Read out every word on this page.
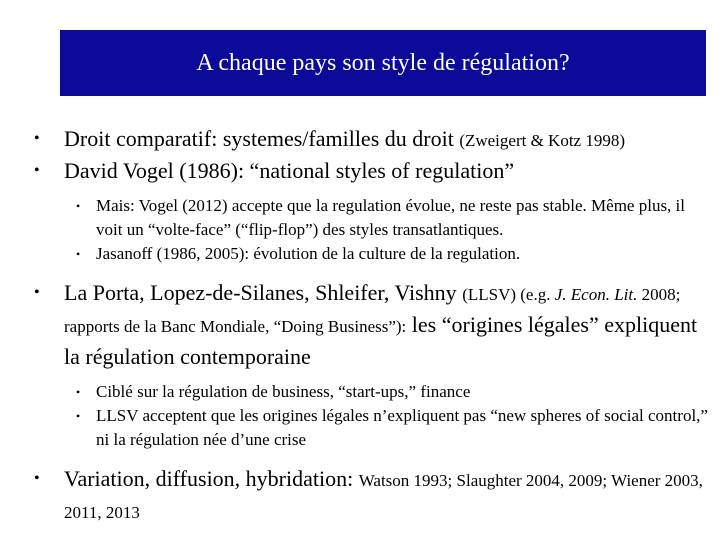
A chaque pays son style de régulation?
• Droit comparatif: systemes/familles du droit (Zweigert & Kotz 1998)
• David Vogel (1986): “national styles of regulation”
• Mais: Vogel (2012) accepte que la regulation évolue, ne reste pas stable. Même plus, il voit un “volte-face” (“flip-flop”) des styles transatlantiques.
• Jasanoff (1986, 2005): évolution de la culture de la regulation.
• La Porta, Lopez-de-Silanes, Shleifer, Vishny (LLSV) (e.g. J. Econ. Lit. 2008; rapports de la Banc Mondiale, “Doing Business”): les “origines légales” expliquent la régulation contemporaine
• Ciblé sur la régulation de business, “start-ups,” finance
• LLSV acceptent que les origines légales n’expliquent pas “new spheres of social control,” ni la régulation née d’une crise
• Variation, diffusion, hybridation: Watson 1993; Slaughter 2004, 2009; Wiener 2003, 2011, 2013
